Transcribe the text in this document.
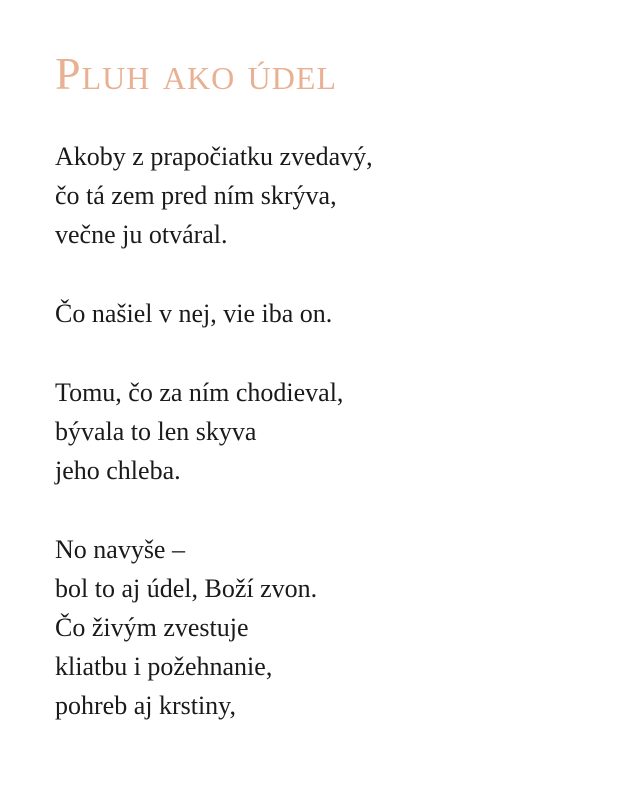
Pluh ako údel
Akoby z prapočiatku zvedavý,
čo tá zem pred ním skrýva,
večne ju otváral.
Čo našiel v nej, vie iba on.
Tomu, čo za ním chodieval,
bývala to len skyva
jeho chleba.
No navyše –
bol to aj údel, Boží zvon.
Čo živým zvestuje
kliatbu i požehnanie,
pohreb aj krstiny,
